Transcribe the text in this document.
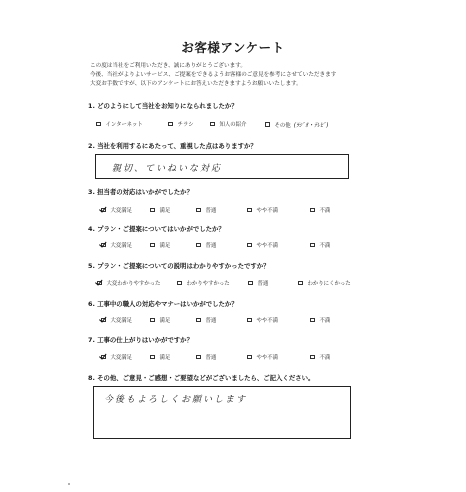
お客様アンケート
この度は当社をご利用いただき、誠にありがとうございます。
今後、当社がよりよいサービス、ご提案をできるようお客様のご意見を参考にさせていただきます
大変お手数ですが、以下のアンケートにお答えいただきますようお願いいたします。
1. どのようにして当社をお知りになられましたか？
インターネット	チラシ	知人の紹介	その他 (ﾗｼﾞｵ・ﾃﾚﾋﾞ)
2. 当社を利用するにあたって、重視した点はありますか？
親切、ていねいな対応
3. 担当者の対応はいかがでしたか？
大変満足	満足	普通	やや不満	不満
4. プラン・ご提案についてはいかがでしたか？
大変満足	満足	普通	やや不満	不満
5. プラン・ご提案についての説明はわかりやすかったですか？
大変わかりやすかった	わかりやすかった	普通	わかりにくかった
6. 工事中の職人の対応やマナーはいかがでしたか？
大変満足	満足	普通	やや不満	不満
7. 工事の仕上がりはいかがですか？
大変満足	満足	普通	やや不満	不満
8. その他、ご意見・ご感想・ご要望などがございましたら、ご記入ください。
今後もよろしくお願いします
